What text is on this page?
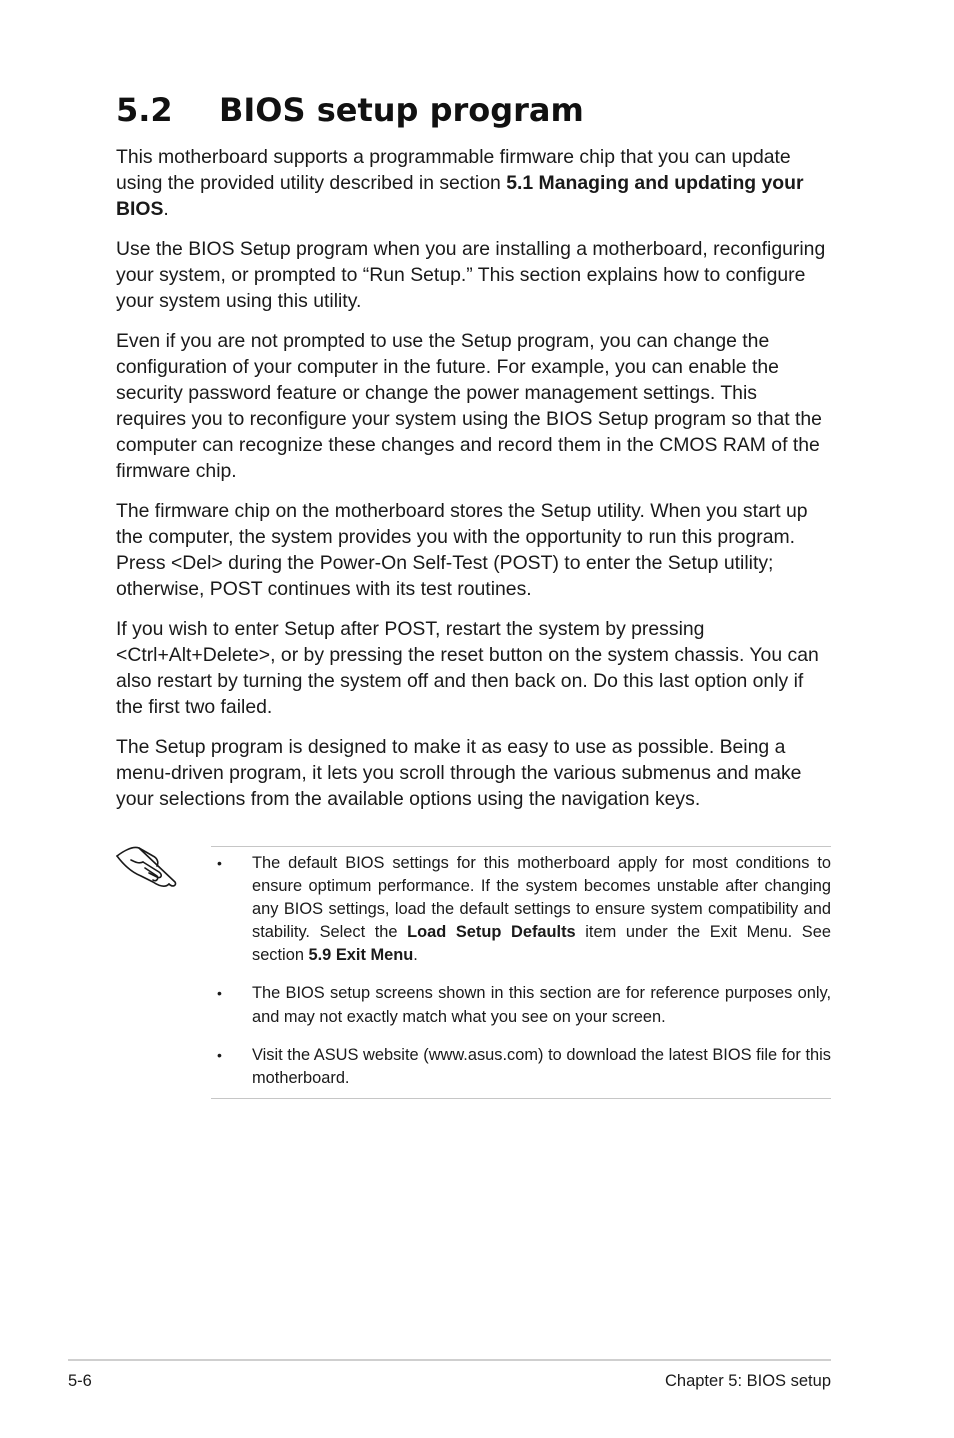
5.2 BIOS setup program

This motherboard supports a programmable firmware chip that you can update using the provided utility described in section 5.1 Managing and updating your BIOS.

Use the BIOS Setup program when you are installing a motherboard, reconfiguring your system, or prompted to “Run Setup.” This section explains how to configure your system using this utility.

Even if you are not prompted to use the Setup program, you can change the configuration of your computer in the future. For example, you can enable the security password feature or change the power management settings. This requires you to reconfigure your system using the BIOS Setup program so that the computer can recognize these changes and record them in the CMOS RAM of the firmware chip.

The firmware chip on the motherboard stores the Setup utility. When you start up the computer, the system provides you with the opportunity to run this program. Press <Del> during the Power-On Self-Test (POST) to enter the Setup utility; otherwise, POST continues with its test routines.

If you wish to enter Setup after POST, restart the system by pressing <Ctrl+Alt+Delete>, or by pressing the reset button on the system chassis. You can also restart by turning the system off and then back on. Do this last option only if the first two failed.

The Setup program is designed to make it as easy to use as possible. Being a menu-driven program, it lets you scroll through the various submenus and make your selections from the available options using the navigation keys.

• The default BIOS settings for this motherboard apply for most conditions to ensure optimum performance. If the system becomes unstable after changing any BIOS settings, load the default settings to ensure system compatibility and stability. Select the Load Setup Defaults item under the Exit Menu. See section 5.9 Exit Menu.
• The BIOS setup screens shown in this section are for reference purposes only, and may not exactly match what you see on your screen.
• Visit the ASUS website (www.asus.com) to download the latest BIOS file for this motherboard.
5-6	Chapter 5: BIOS setup
